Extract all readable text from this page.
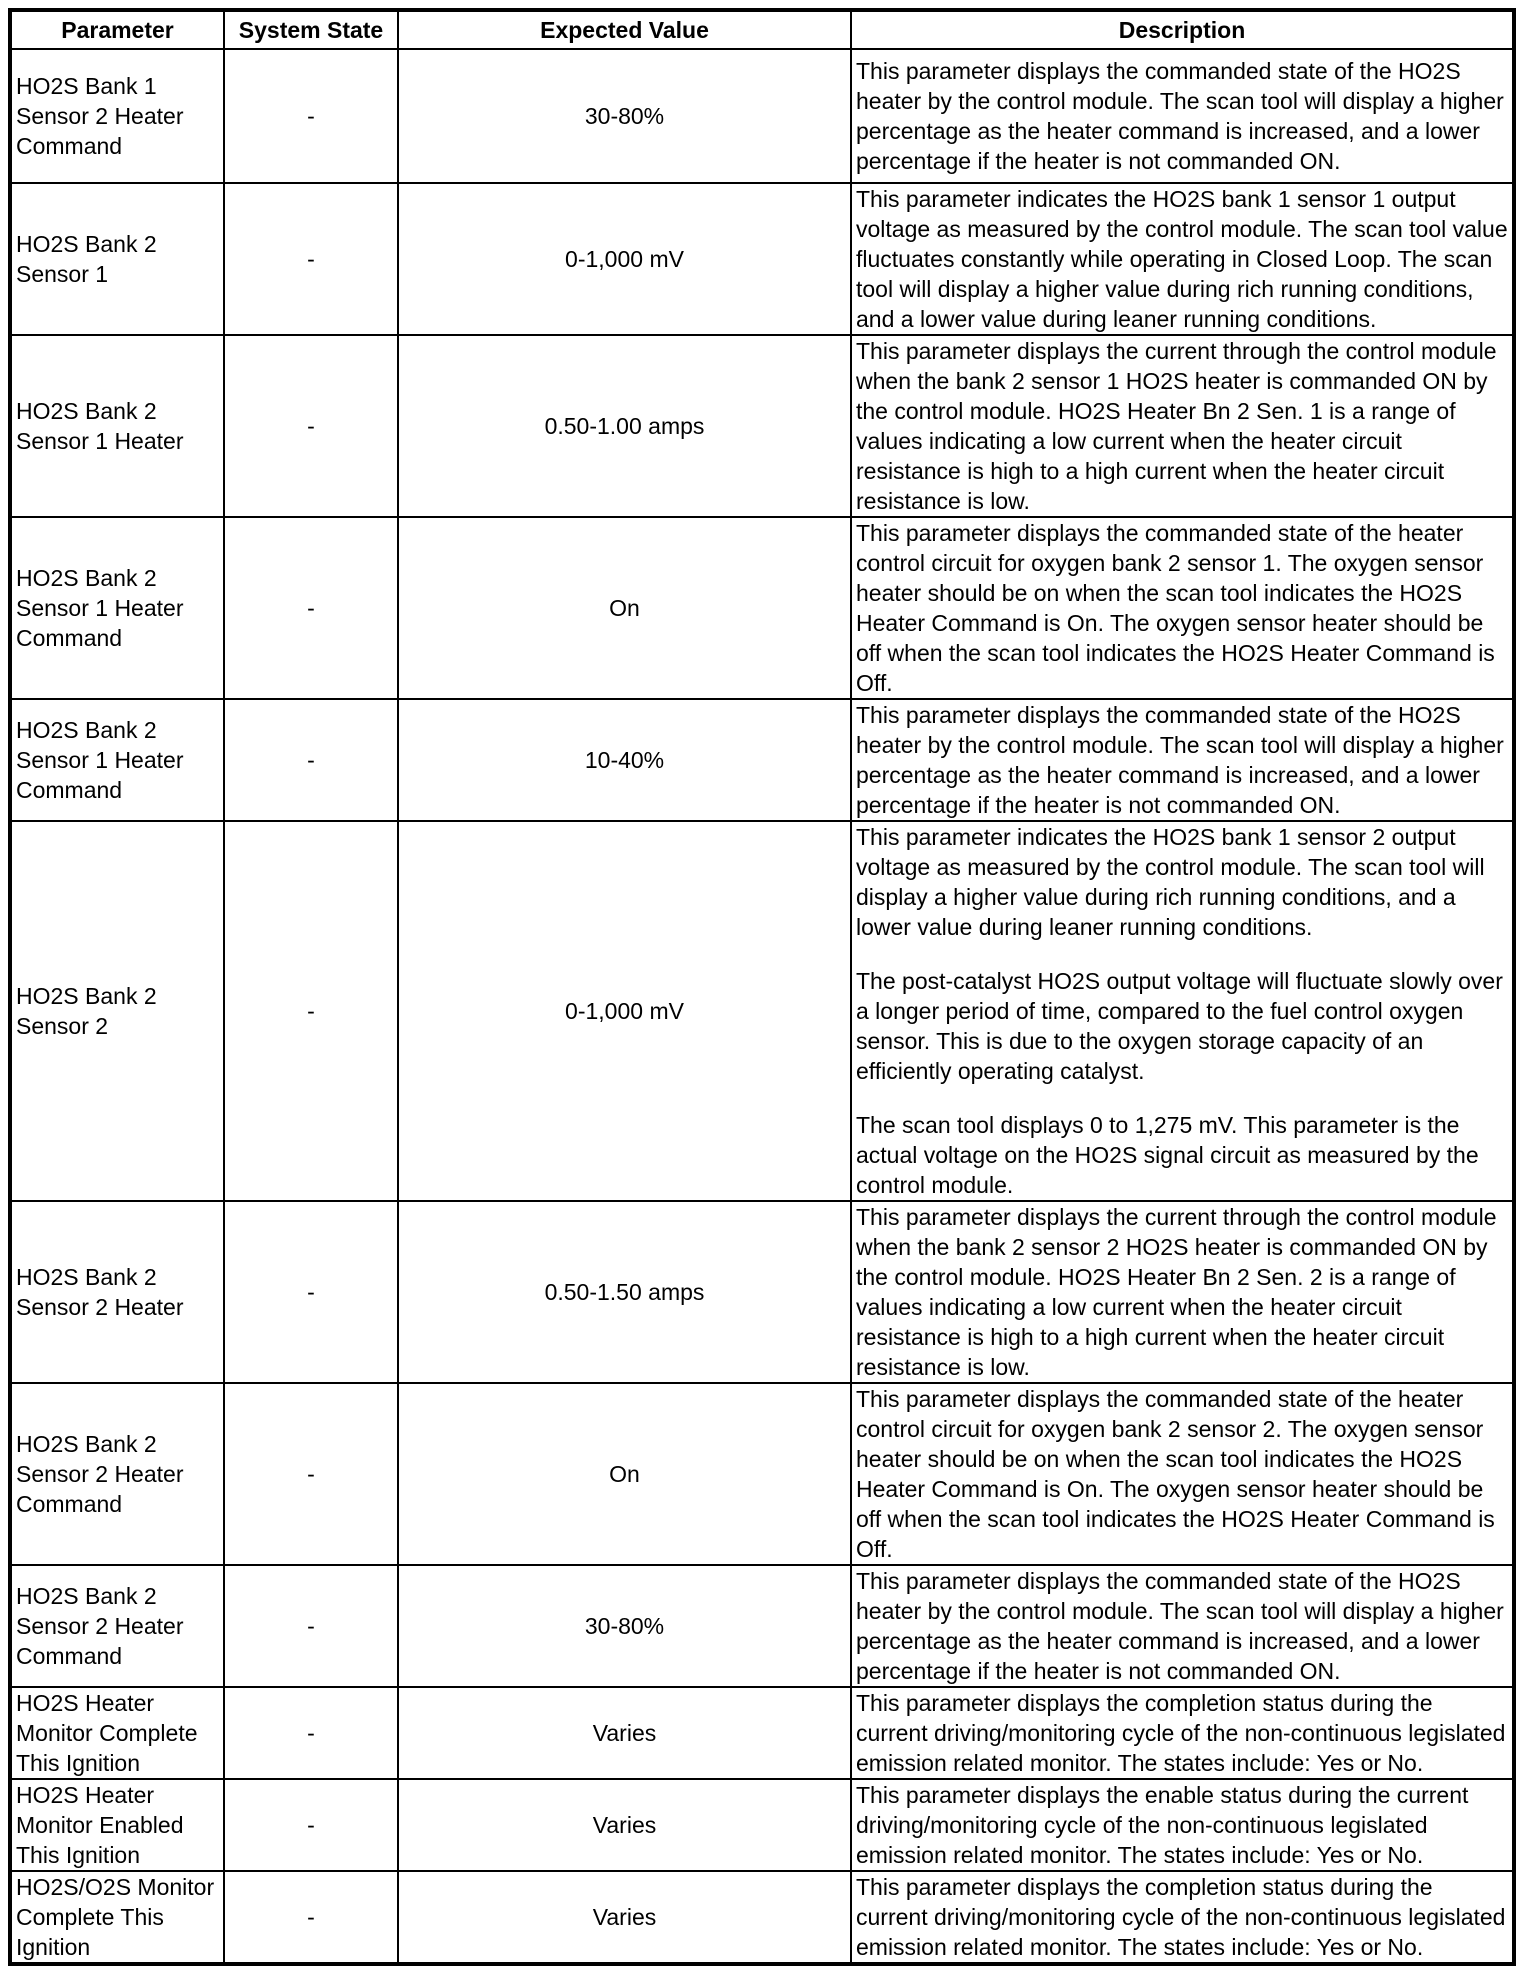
Parameter	System State	Expected Value	Description
HO2S Bank 1 Sensor 2 Heater Command	-	30-80%	This parameter displays the commanded state of the HO2S heater by the control module. The scan tool will display a higher percentage as the heater command is increased, and a lower percentage if the heater is not commanded ON.

HO2S Bank 2 Sensor 1	-	0-1,000 mV	This parameter indicates the HO2S bank 1 sensor 1 output voltage as measured by the control module. The scan tool value fluctuates constantly while operating in Closed Loop. The scan tool will display a higher value during rich running conditions, and a lower value during leaner running conditions.

HO2S Bank 2 Sensor 1 Heater	-	0.50-1.00 amps	This parameter displays the current through the control module when the bank 2 sensor 1 HO2S heater is commanded ON by the control module. HO2S Heater Bn 2 Sen. 1 is a range of values indicating a low current when the heater circuit resistance is high to a high current when the heater circuit resistance is low.

HO2S Bank 2 Sensor 1 Heater Command	-	On	This parameter displays the commanded state of the heater control circuit for oxygen bank 2 sensor 1. The oxygen sensor heater should be on when the scan tool indicates the HO2S Heater Command is On. The oxygen sensor heater should be off when the scan tool indicates the HO2S Heater Command is Off.

HO2S Bank 2 Sensor 1 Heater Command	-	10-40%	This parameter displays the commanded state of the HO2S heater by the control module. The scan tool will display a higher percentage as the heater command is increased, and a lower percentage if the heater is not commanded ON.

HO2S Bank 2 Sensor 2	-	0-1,000 mV	This parameter indicates the HO2S bank 1 sensor 2 output voltage as measured by the control module. The scan tool will display a higher value during rich running conditions, and a lower value during leaner running conditions.

The post-catalyst HO2S output voltage will fluctuate slowly over a longer period of time, compared to the fuel control oxygen sensor. This is due to the oxygen storage capacity of an efficiently operating catalyst.

The scan tool displays 0 to 1,275 mV. This parameter is the actual voltage on the HO2S signal circuit as measured by the control module.

HO2S Bank 2 Sensor 2 Heater	-	0.50-1.50 amps	This parameter displays the current through the control module when the bank 2 sensor 2 HO2S heater is commanded ON by the control module. HO2S Heater Bn 2 Sen. 2 is a range of values indicating a low current when the heater circuit resistance is high to a high current when the heater circuit resistance is low.

HO2S Bank 2 Sensor 2 Heater Command	-	On	This parameter displays the commanded state of the heater control circuit for oxygen bank 2 sensor 2. The oxygen sensor heater should be on when the scan tool indicates the HO2S Heater Command is On. The oxygen sensor heater should be off when the scan tool indicates the HO2S Heater Command is Off.

HO2S Bank 2 Sensor 2 Heater Command	-	30-80%	This parameter displays the commanded state of the HO2S heater by the control module. The scan tool will display a higher percentage as the heater command is increased, and a lower percentage if the heater is not commanded ON.

HO2S Heater Monitor Complete This Ignition	-	Varies	This parameter displays the completion status during the current driving/monitoring cycle of the non-continuous legislated emission related monitor. The states include: Yes or No.

HO2S Heater Monitor Enabled This Ignition	-	Varies	This parameter displays the enable status during the current driving/monitoring cycle of the non-continuous legislated emission related monitor. The states include: Yes or No.

HO2S/O2S Monitor Complete This Ignition	-	Varies	This parameter displays the completion status during the current driving/monitoring cycle of the non-continuous legislated emission related monitor. The states include: Yes or No.
